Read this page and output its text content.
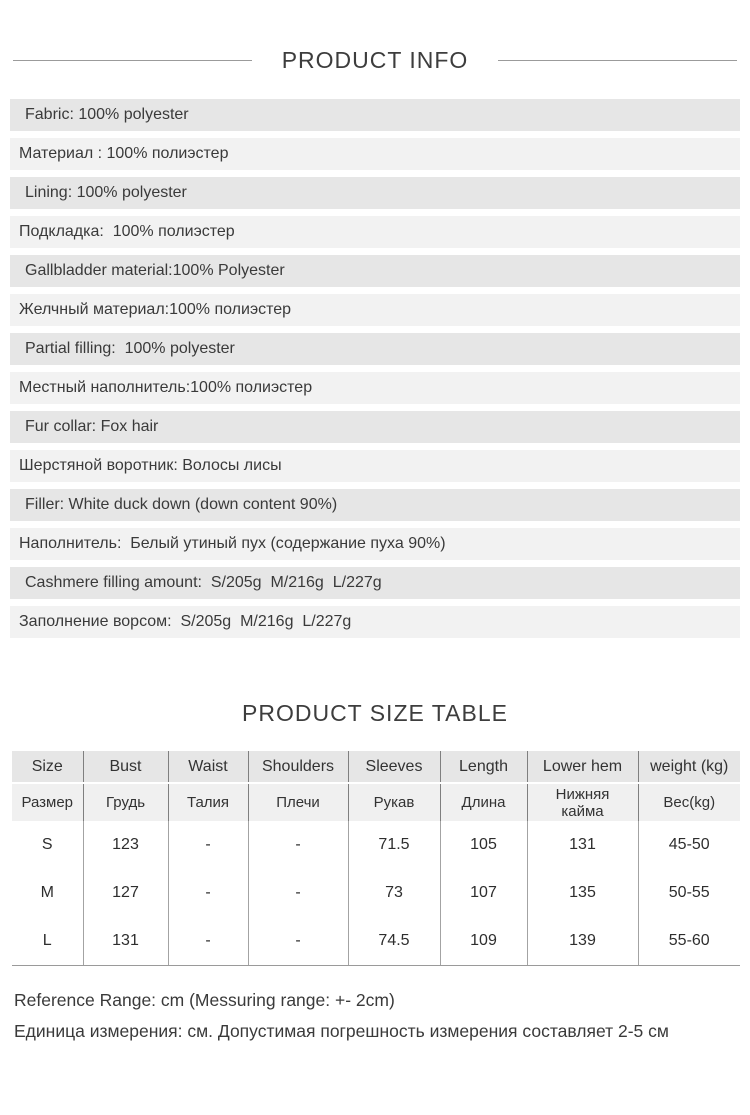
PRODUCT INFO
Fabric: 100% polyester
Материал : 100% полиэстер
Lining: 100% polyester
Подкладка:  100% полиэстер
Gallbladder material:100% Polyester
Желчный материал:100% полиэстер
Partial filling:  100% polyester
Местный наполнитель:100% полиэстер
Fur collar: Fox hair
Шерстяной воротник: Волосы лисы
Filler: White duck down (down content 90%)
Наполнитель:  Белый утиный пух (содержание пуха 90%)
Cashmere filling amount:  S/205g  M/216g  L/227g
Заполнение ворсом:  S/205g  M/216g  L/227g
PRODUCT SIZE TABLE
Size	Bust	Waist	Shoulders	Sleeves	Length	Lower hem	weight (kg)
Размер	Грудь	Талия	Плечи	Рукав	Длина	Нижняя кайма	Вес(kg)
S	123	-	-	71.5	105	131	45-50
M	127	-	-	73	107	135	50-55
L	131	-	-	74.5	109	139	55-60

Reference Range: cm (Messuring range: +- 2cm)

Единица измерения: см. Допустимая погрешность измерения составляет 2-5 см
